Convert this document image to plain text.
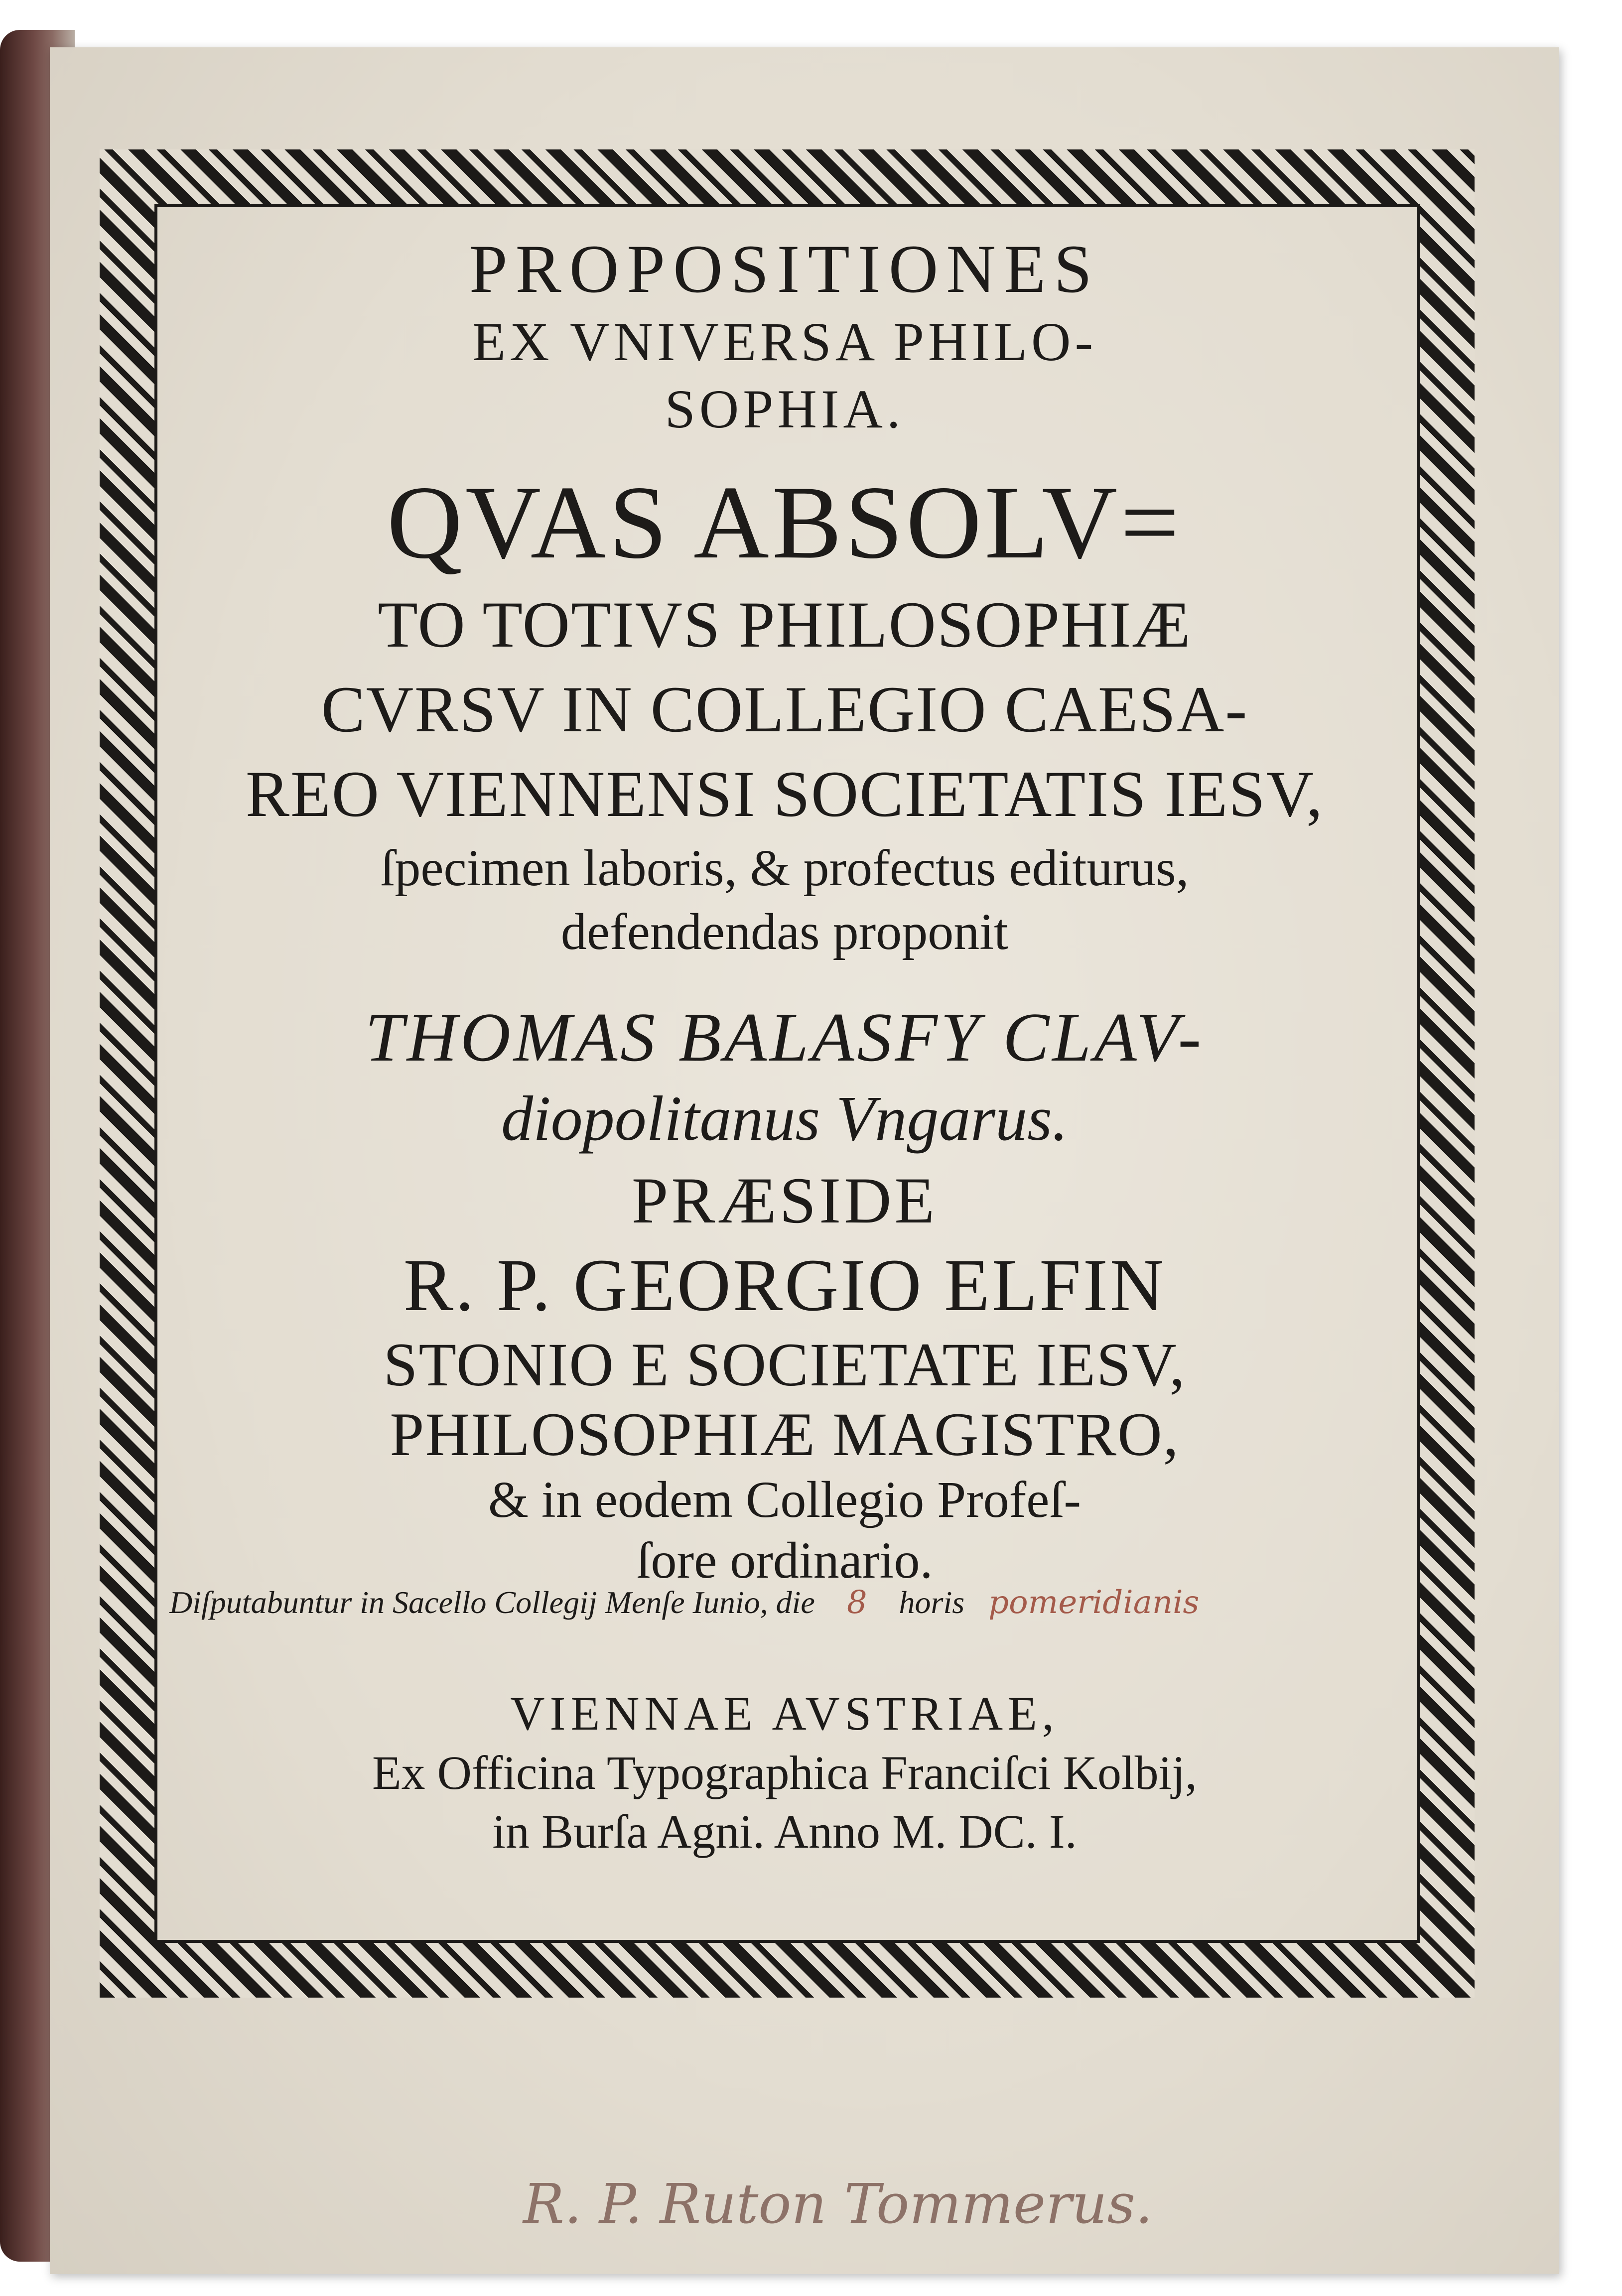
PROPOSITIONES
EX VNIVERSA PHILO-
SOPHIA.
QVAS ABSOLV=
TO TOTIVS PHILOSOPHIÆ
CVRSV IN COLLEGIO CAESA-
REO VIENNENSI SOCIETATIS IESV,
ſpecimen laboris, & profectus editurus,
defendendas proponit
THOMAS BALASFY CLAV-
diopolitanus Vngarus.
PRÆSIDE
R. P. GEORGIO ELFIN
STONIO E SOCIETATE IESV,
PHILOSOPHIÆ MAGISTRO,
& in eodem Collegio Profeſ-
ſore ordinario.
Diſputabuntur in Sacello Collegij Menſe Iunio, die 8 horis pomeridianis
VIENNAE AVSTRIAE,
Ex Officina Typographica Franciſci Kolbij,
in Burſa Agni. Anno M. DC. I.
R. P. Ruton Tommerus.
